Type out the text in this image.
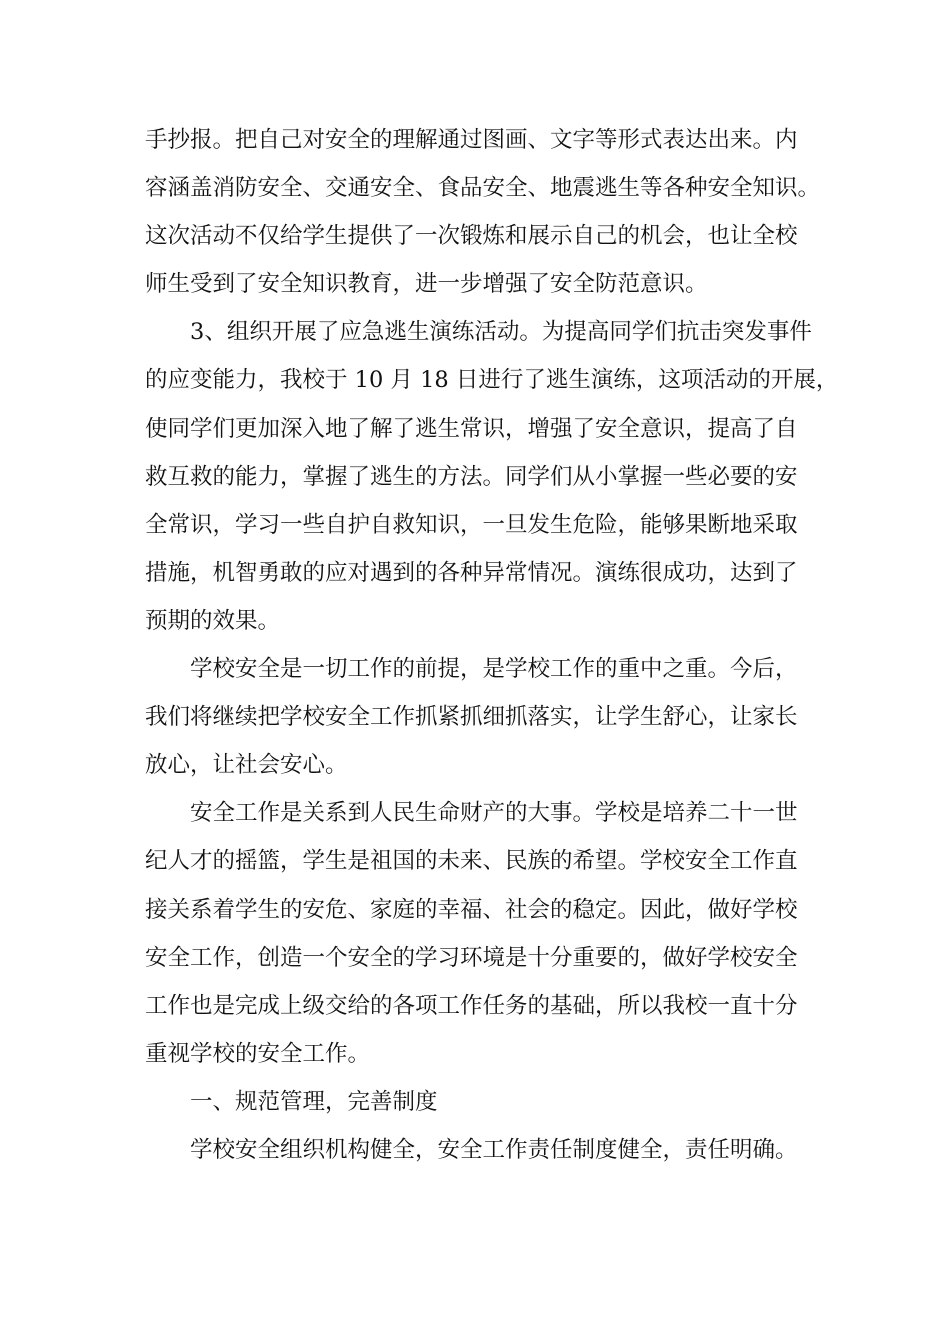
手抄报。把自己对安全的理解通过图画、文字等形式表达出来。内

容涵盖消防安全、交通安全、食品安全、地震逃生等各种安全知识。

这次活动不仅给学生提供了一次锻炼和展示自己的机会，也让全校

师生受到了安全知识教育，进一步增强了安全防范意识。

3、组织开展了应急逃生演练活动。为提高同学们抗击突发事件

的应变能力，我校于 10 月 18 日进行了逃生演练，这项活动的开展，

使同学们更加深入地了解了逃生常识，增强了安全意识，提高了自

救互救的能力，掌握了逃生的方法。同学们从小掌握一些必要的安

全常识，学习一些自护自救知识，一旦发生危险，能够果断地采取

措施，机智勇敢的应对遇到的各种异常情况。演练很成功，达到了

预期的效果。

学校安全是一切工作的前提，是学校工作的重中之重。今后，

我们将继续把学校安全工作抓紧抓细抓落实，让学生舒心，让家长

放心，让社会安心。

安全工作是关系到人民生命财产的大事。学校是培养二十一世

纪人才的摇篮，学生是祖国的未来、民族的希望。学校安全工作直

接关系着学生的安危、家庭的幸福、社会的稳定。因此，做好学校

安全工作，创造一个安全的学习环境是十分重要的，做好学校安全

工作也是完成上级交给的各项工作任务的基础，所以我校一直十分

重视学校的安全工作。

一、规范管理，完善制度

学校安全组织机构健全，安全工作责任制度健全，责任明确。
